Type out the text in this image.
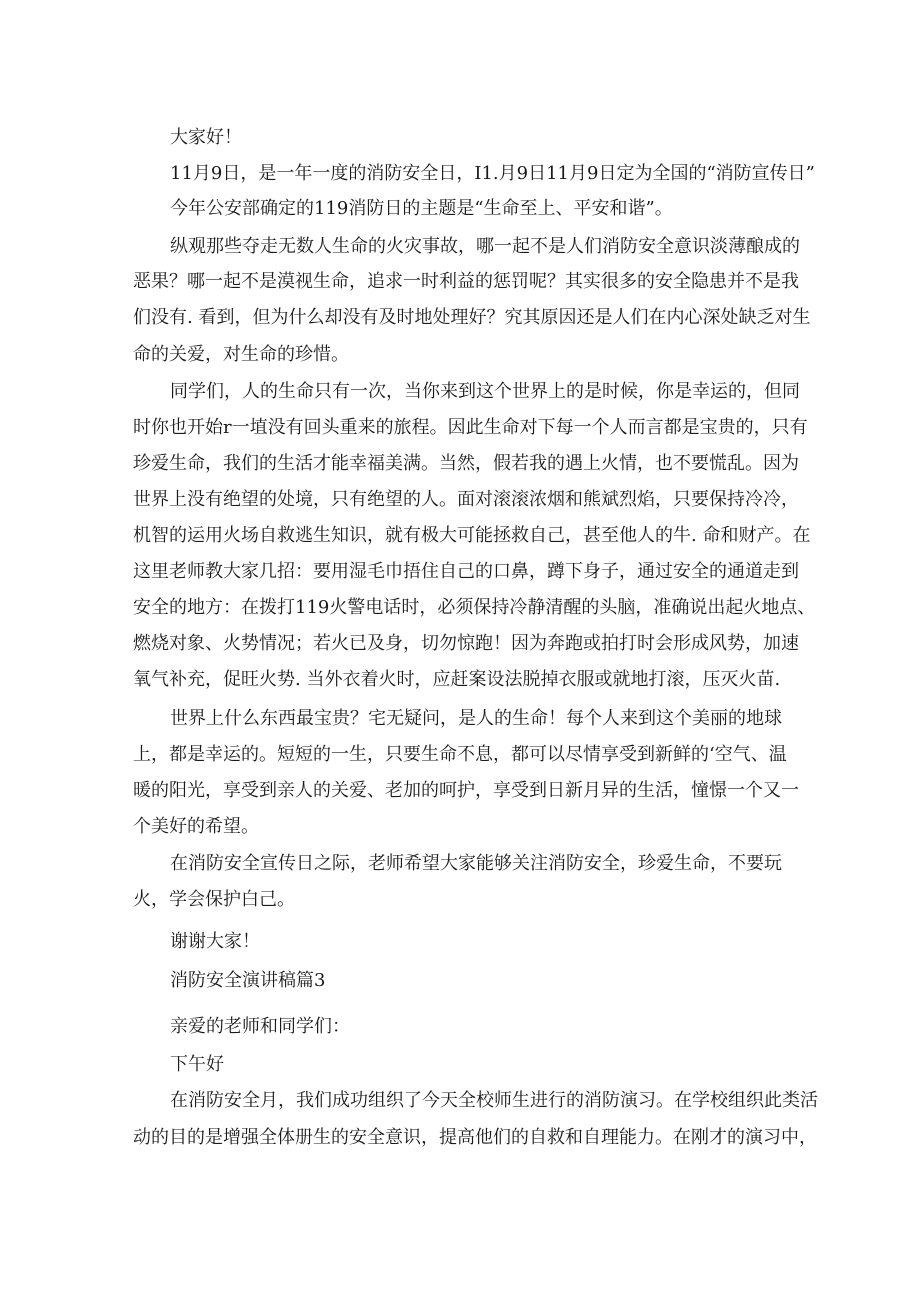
大家好！

11月9日，是一年一度的消防安全日，I1.月9日11月9日定为全国的“消防宣传日”

今年公安部确定的119消防日的主题是“生命至上、平安和谐”。

纵观那些夺走无数人生命的火灾事故，哪一起不是人们消防安全意识淡薄酿成的

恶果？哪一起不是漠视生命，追求一时利益的惩罚呢？其实很多的安全隐患并不是我

们没有. 看到，但为什么却没有及时地处理好？究其原因还是人们在内心深处缺乏对生

命的关爱，对生命的珍惜。

同学们，人的生命只有一次，当你来到这个世界上的是时候，你是幸运的，但同

时你也开始r一埴没有回头重来的旅程。因此生命对下每一个人而言都是宝贵的，只有

珍爱生命，我们的生活才能幸福美满。当然，假若我的遇上火情，也不要慌乱。因为

世界上没有绝望的处境，只有绝望的人。面对滚滚浓烟和熊斌烈焰，只要保持冷冷，

机智的运用火场自救逃生知识，就有极大可能拯救自己，甚至他人的牛. 命和财产。在

这里老师教大家几招：要用湿毛巾捂住自己的口鼻，蹲下身子，通过安全的通道走到

安全的地方：在拨打119火警电话时，必须保持冷静清醒的头脑，准确说出起火地点、

燃烧对象、火势情况；若火已及身，切勿惊跑！因为奔跑或拍打时会形成风势，加速

氧气补充，促旺火势. 当外衣着火时，应赶案设法脱掉衣服或就地打滚，压灭火苗.

世界上什么东西最宝贵？宅无疑问，是人的生命！每个人来到这个美丽的地球

上，都是幸运的。短短的一生，只要生命不息，都可以尽情享受到新鲜的‘空气、温

暖的阳光，享受到亲人的关爱、老加的呵护，享受到日新月异的生活，憧憬一个又一

个美好的希望。

在消防安全宣传日之际，老师希望大家能够关注消防安全，珍爱生命，不要玩

火，学会保护白己。

谢谢大家！

消防安全演讲稿篇3

亲爱的老师和同学们：

下午好

在消防安全月，我们成功组织了今天全校师生进行的消防演习。在学校组织此类活

动的目的是增强全体册生的安全意识，提高他们的自救和自理能力。在刚才的演习中，
